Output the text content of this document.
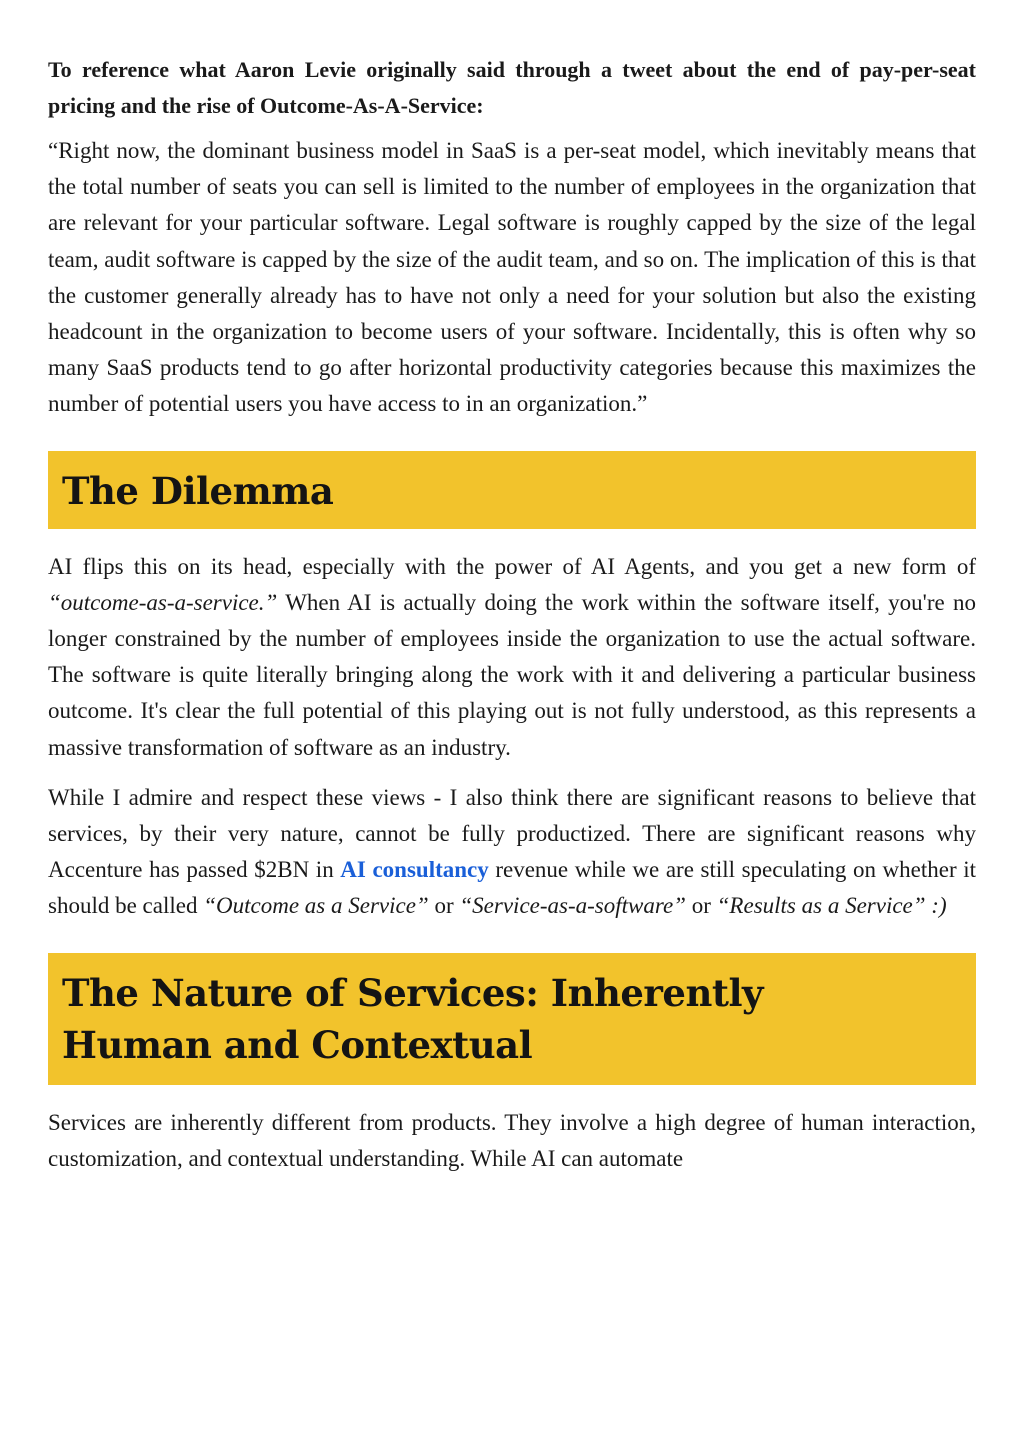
To reference what Aaron Levie originally said through a tweet about the end of pay-per-seat pricing and the rise of Outcome-As-A-Service:

“Right now, the dominant business model in SaaS is a per-seat model, which inevitably means that the total number of seats you can sell is limited to the number of employees in the organization that are relevant for your particular software. Legal software is roughly capped by the size of the legal team, audit software is capped by the size of the audit team, and so on. The implication of this is that the customer generally already has to have not only a need for your solution but also the existing headcount in the organization to become users of your software. Incidentally, this is often why so many SaaS products tend to go after horizontal productivity categories because this maximizes the number of potential users you have access to in an organization.”

The Dilemma

AI flips this on its head, especially with the power of AI Agents, and you get a new form of “outcome-as-a-service.” When AI is actually doing the work within the software itself, you're no longer constrained by the number of employees inside the organization to use the actual software. The software is quite literally bringing along the work with it and delivering a particular business outcome. It's clear the full potential of this playing out is not fully understood, as this represents a massive transformation of software as an industry.

While I admire and respect these views - I also think there are significant reasons to believe that services, by their very nature, cannot be fully productized. There are significant reasons why Accenture has passed $2BN in AI consultancy revenue while we are still speculating on whether it should be called “Outcome as a Service” or “Service-as-a-software” or “Results as a Service” :)

The Nature of Services: Inherently
Human and Contextual

Services are inherently different from products. They involve a high degree of human interaction, customization, and contextual understanding. While AI can automate
